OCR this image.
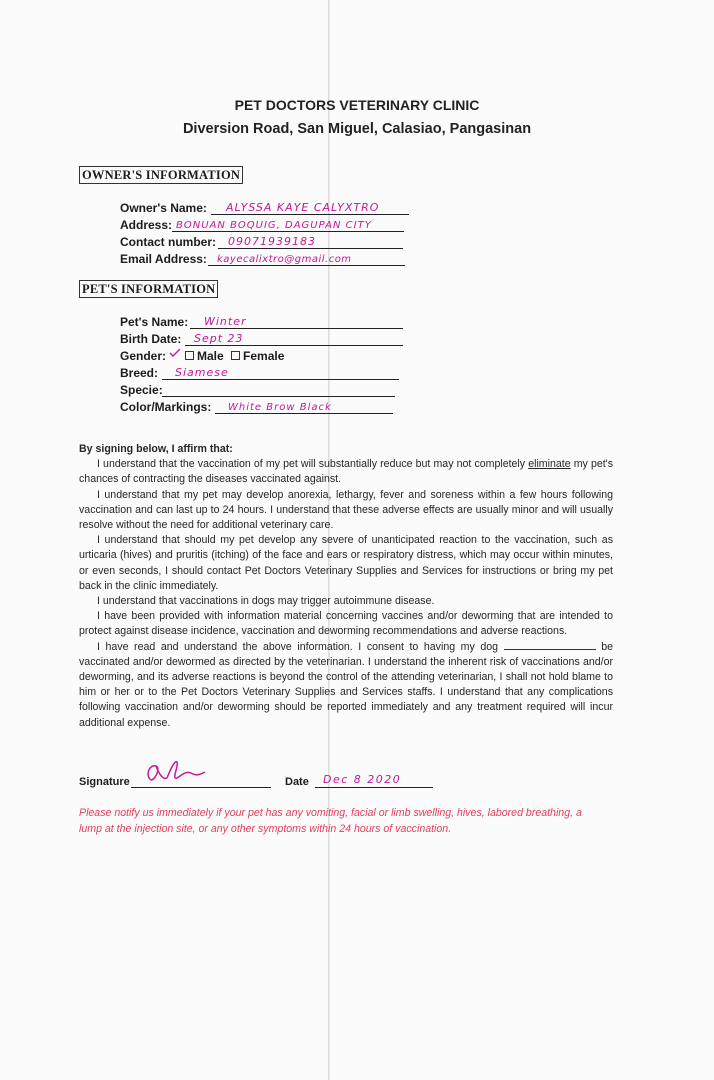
PET DOCTORS VETERINARY CLINIC
Diversion Road, San Miguel, Calasiao, Pangasinan
OWNER'S INFORMATION
Owner's Name: ALYSSA KAYE CALYXTRO
Address: BONUAN BOQUIG, DAGUPAN CITY
Contact number: 09071939183
Email Address: kayecalixtro@gmail.com
PET'S INFORMATION
Pet's Name: Winter
Birth Date: Sept 23
Gender:	Male Female
Breed: Siamese
Specie:
Color/Markings: White Brow Black

By signing below, I affirm that:

I understand that the vaccination of my pet will substantially reduce but may not completely eliminate my pet's chances of contracting the diseases vaccinated against.

I understand that my pet may develop anorexia, lethargy, fever and soreness within a few hours following vaccination and can last up to 24 hours. I understand that these adverse effects are usually minor and will usually resolve without the need for additional veterinary care.

I understand that should my pet develop any severe of unanticipated reaction to the vaccination, such as urticaria (hives) and pruritis (itching) of the face and ears or respiratory distress, which may occur within minutes, or even seconds, I should contact Pet Doctors Veterinary Supplies and Services for instructions or bring my pet back in the clinic immediately.

I understand that vaccinations in dogs may trigger autoimmune disease.

I have been provided with information material concerning vaccines and/or deworming that are intended to protect against disease incidence, vaccination and deworming recommendations and adverse reactions.

I have read and understand the above information. I consent to having my dog	be vaccinated and/or dewormed as directed by the veterinarian. I understand the inherent risk of vaccinations and/or deworming, and its adverse reactions is beyond the control of the attending veterinarian, I shall not hold blame to him or her or to the Pet Doctors Veterinary Supplies and Services staffs. I understand that any complications following vaccination and/or deworming should be reported immediately and any treatment required will incur additional expense.

Signature	Date Dec 8 2020
Please notify us immediately if your pet has any vomiting, facial or limb swelling, hives, labored breathing, a lump at the injection site, or any other symptoms within 24 hours of vaccination.
